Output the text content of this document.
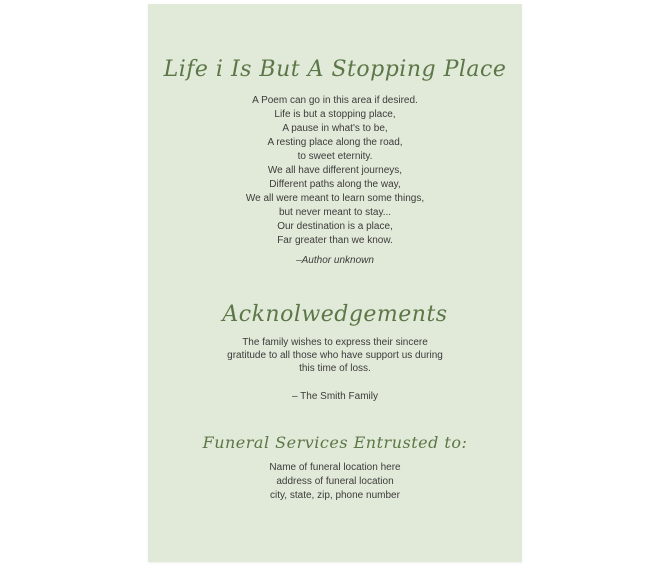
Life i Is But A Stopping Place
A Poem can go in this area if desired.
Life is but a stopping place,
A pause in what's to be,
A resting place along the road,
to sweet eternity.
We all have different journeys,
Different paths along the way,
We all were meant to learn some things,
but never meant to stay...
Our destination is a place,
Far greater than we know.
–Author unknown
Acknolwedgements
The family wishes to express their sincere
gratitude to all those who have support us during
this time of loss.
– The Smith Family
Funeral Services Entrusted to:
Name of funeral location here
address of funeral location
city, state, zip, phone number
